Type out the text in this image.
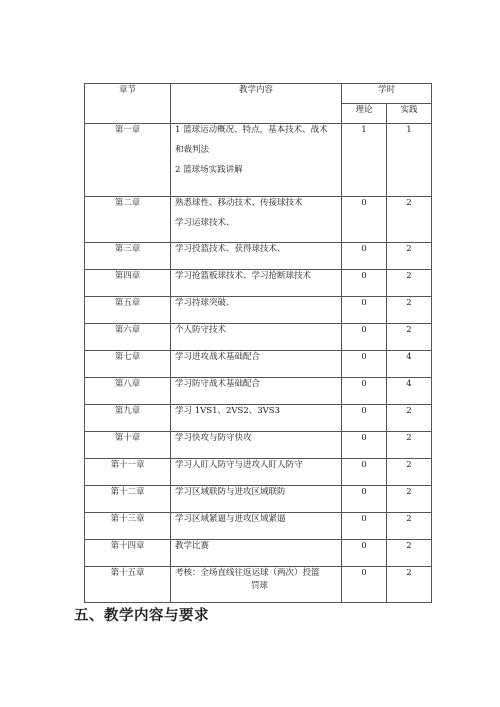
章节	教学内容	学时	
		理论	实践
第一章	1 篮球运动概况、特点，基本技术、战术
和裁判法
2 篮球场实践讲解	1	1
第二章	熟悉球性、移动技术、传接球技术
学习运球技术、	0	2
第三章	学习投篮技术、获得球技术、	0	2
第四章	学习抢篮板球技术、学习抢断球技术	0	2
第五章	学习持球突破、	0	2
第六章	个人防守技术	0	2
第七章	学习进攻战术基础配合	0	4
第八章	学习防守战术基础配合	0	4
第九章	学习 1VS1、2VS2、3VS3	0	2
第十章	学习快攻与防守快攻	0	2
第十一章	学习人盯人防守与进攻人盯人防守	0	2
第十二章	学习区域联防与进攻区域联防	0	2
第十三章	学习区域紧逼与进攻区域紧逼	0	2
第十四章	教学比赛	0	2
第十五章	考核：全场直线往返运球（两次）投篮
罚球	0	2
五、教学内容与要求
